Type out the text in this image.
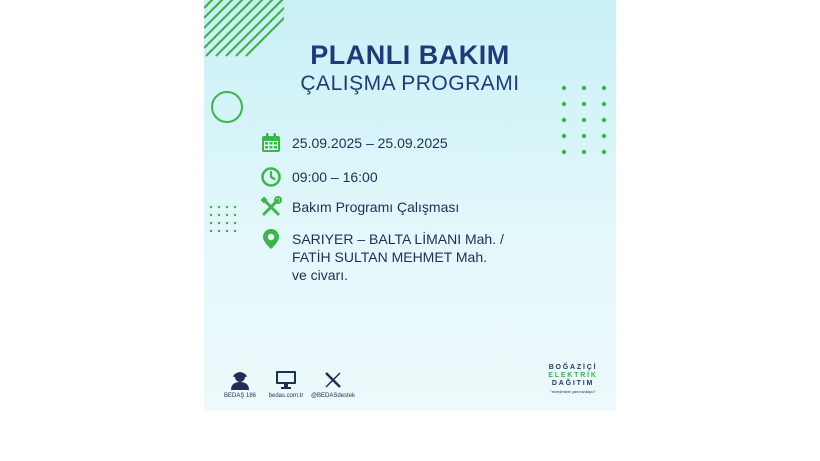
PLANLI BAKIM
ÇALIŞMA PROGRAMI
25.09.2025 – 25.09.2025
09:00 – 16:00
Bakım Programı Çalışması
SARIYER – BALTA LİMANI Mah. /
FATİH SULTAN MEHMET Mah.
ve civarı.
BEDAŞ 186 bedas.com.tr @BEDASdestek
BOĞAZİÇİ
ELEKTRİK
DAĞITIM
"enerjimizle yanınızdayız"
